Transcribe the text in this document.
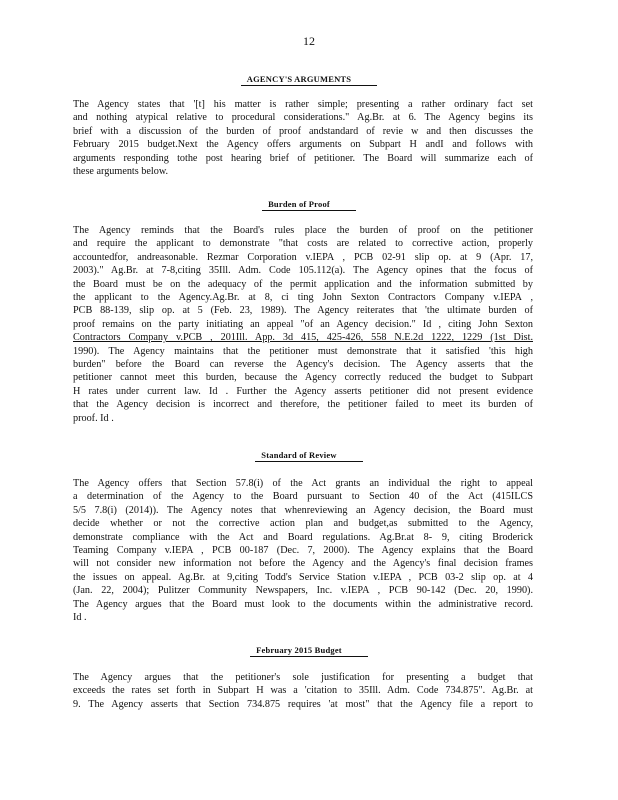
12
AGENCY'S ARGUMENTS
The Agency states that '[t] his matter is rather simple; presenting a rather ordinary fact set
and nothing atypical relative to procedural considerations." Ag.Br. at 6. The Agency begins its
brief with a discussion of the burden of proof andstandard of revie w and then discusses the
February 2015 budget.Next the Agency offers arguments on Subpart H andI and follows with
arguments responding tothe post hearing brief of petitioner. The Board will summarize each of
these arguments below.
Burden of Proof
The Agency reminds that the Board's rules place the burden of proof on the petitioner
and require the applicant to demonstrate "that costs are related to corrective action, properly
accountedfor, andreasonable. Rezmar Corporation v.IEPA , PCB 02-91 slip op. at 9 (Apr. 17,
2003)." Ag.Br. at 7-8,citing 35Ill. Adm. Code 105.112(a). The Agency opines that the focus of
the Board must be on the adequacy of the permit application and the information submitted by
the applicant to the Agency.Ag.Br. at 8, ci ting John Sexton Contractors Company v.IEPA ,
PCB 88-139, slip op. at 5 (Feb. 23, 1989). The Agency reiterates that 'the ultimate burden of
proof remains on the party initiating an appeal "of an Agency decision." Id , citing John Sexton
Contractors Company v.PCB , 201Ill. App. 3d 415, 425-426, 558 N.E.2d 1222, 1229 (1st Dist.
1990). The Agency maintains that the petitioner must demonstrate that it satisfied 'this high
burden" before the Board can reverse the Agency's decision. The Agency asserts that the
petitioner cannot meet this burden, because the Agency correctly reduced the budget to Subpart
H rates under current law. Id . Further the Agency asserts petitioner did not present evidence
that the Agency decision is incorrect and therefore, the petitioner failed to meet its burden of
proof. Id .
Standard of Review
The Agency offers that Section 57.8(i) of the Act grants an individual the right to appeal
a determination of the Agency to the Board pursuant to Section 40 of the Act (415ILCS
5/5 7.8(i) (2014)). The Agency notes that whenreviewing an Agency decision, the Board must
decide whether or not the corrective action plan and budget,as submitted to the Agency,
demonstrate compliance with the Act and Board regulations. Ag.Br.at 8- 9, citing Broderick
Teaming Company v.IEPA , PCB 00-187 (Dec. 7, 2000). The Agency explains that the Board
will not consider new information not before the Agency and the Agency's final decision frames
the issues on appeal. Ag.Br. at 9,citing Todd's Service Station v.IEPA , PCB 03-2 slip op. at 4
(Jan. 22, 2004); Pulitzer Community Newspapers, Inc. v.IEPA , PCB 90-142 (Dec. 20, 1990).
The Agency argues that the Board must look to the documents within the administrative record.
Id .
February 2015 Budget
The Agency argues that the petitioner's sole justification for presenting a budget that
exceeds the rates set forth in Subpart H was a 'citation to 35Ill. Adm. Code 734.875". Ag.Br. at
9. The Agency asserts that Section 734.875 requires 'at most" that the Agency file a report to
